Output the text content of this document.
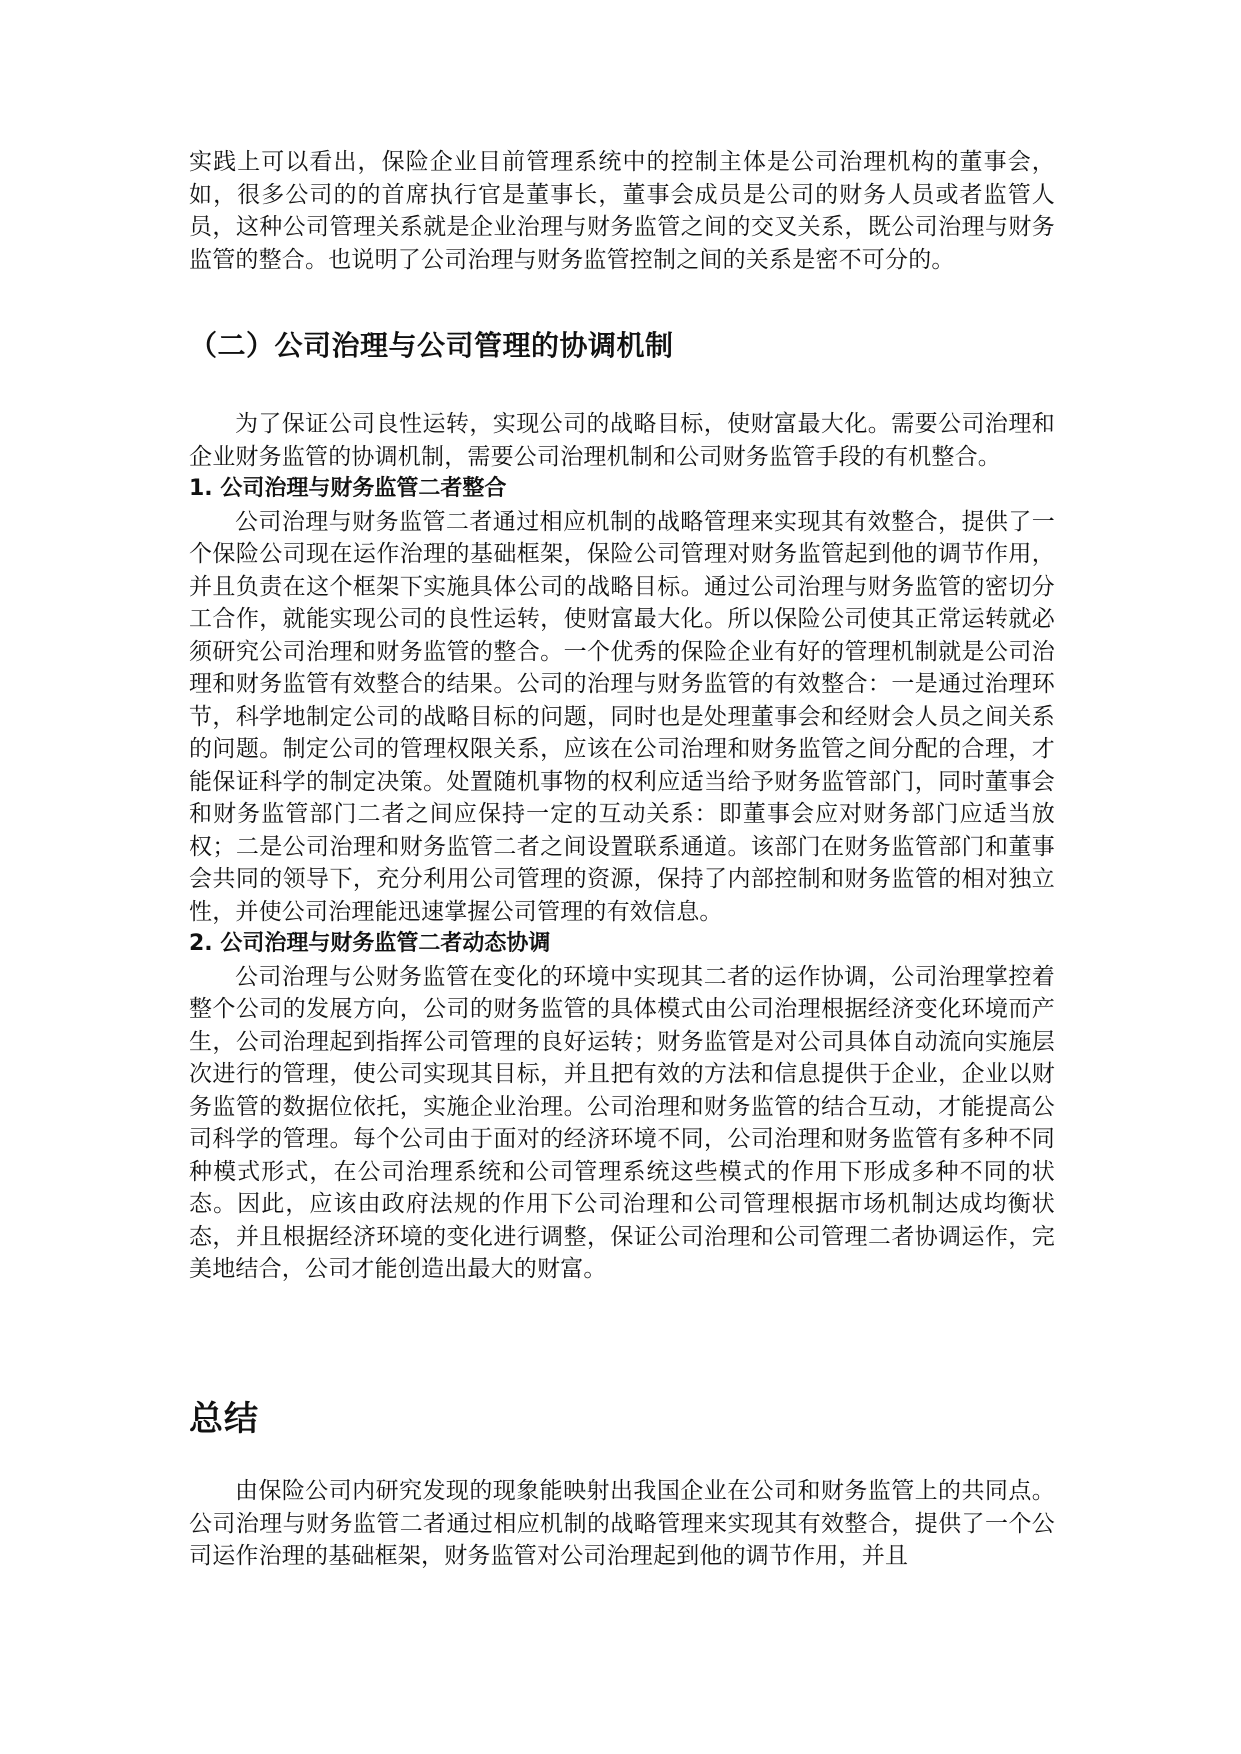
实践上可以看出，保险企业目前管理系统中的控制主体是公司治理机构的董事会，如，很多公司的的首席执行官是董事长，董事会成员是公司的财务人员或者监管人员，这种公司管理关系就是企业治理与财务监管之间的交叉关系，既公司治理与财务监管的整合。也说明了公司治理与财务监管控制之间的关系是密不可分的。

（二）公司治理与公司管理的协调机制

为了保证公司良性运转，实现公司的战略目标，使财富最大化。需要公司治理和企业财务监管的协调机制，需要公司治理机制和公司财务监管手段的有机整合。

1. 公司治理与财务监管二者整合

公司治理与财务监管二者通过相应机制的战略管理来实现其有效整合，提供了一个保险公司现在运作治理的基础框架，保险公司管理对财务监管起到他的调节作用，并且负责在这个框架下实施具体公司的战略目标。通过公司治理与财务监管的密切分工合作，就能实现公司的良性运转，使财富最大化。所以保险公司使其正常运转就必须研究公司治理和财务监管的整合。一个优秀的保险企业有好的管理机制就是公司治理和财务监管有效整合的结果。公司的治理与财务监管的有效整合：一是通过治理环节，科学地制定公司的战略目标的问题，同时也是处理董事会和经财会人员之间关系的问题。制定公司的管理权限关系，应该在公司治理和财务监管之间分配的合理，才能保证科学的制定决策。处置随机事物的权利应适当给予财务监管部门，同时董事会和财务监管部门二者之间应保持一定的互动关系：即董事会应对财务部门应适当放权；二是公司治理和财务监管二者之间设置联系通道。该部门在财务监管部门和董事会共同的领导下，充分利用公司管理的资源，保持了内部控制和财务监管的相对独立性，并使公司治理能迅速掌握公司管理的有效信息。

2. 公司治理与财务监管二者动态协调

公司治理与公财务监管在变化的环境中实现其二者的运作协调，公司治理掌控着整个公司的发展方向，公司的财务监管的具体模式由公司治理根据经济变化环境而产生，公司治理起到指挥公司管理的良好运转；财务监管是对公司具体自动流向实施层次进行的管理，使公司实现其目标，并且把有效的方法和信息提供于企业，企业以财务监管的数据位依托，实施企业治理。公司治理和财务监管的结合互动，才能提高公司科学的管理。每个公司由于面对的经济环境不同，公司治理和财务监管有多种不同种模式形式，在公司治理系统和公司管理系统这些模式的作用下形成多种不同的状态。因此，应该由政府法规的作用下公司治理和公司管理根据市场机制达成均衡状态，并且根据经济环境的变化进行调整，保证公司治理和公司管理二者协调运作，完美地结合，公司才能创造出最大的财富。

总结

由保险公司内研究发现的现象能映射出我国企业在公司和财务监管上的共同点。公司治理与财务监管二者通过相应机制的战略管理来实现其有效整合，提供了一个公司运作治理的基础框架，财务监管对公司治理起到他的调节作用，并且
